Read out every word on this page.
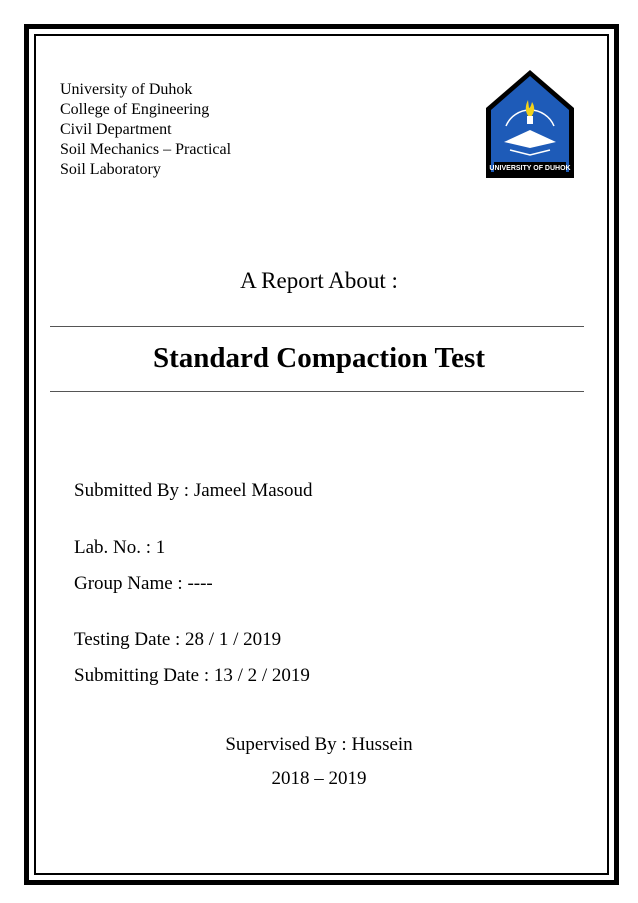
University of Duhok
College of Engineering
Civil Department
Soil Mechanics – Practical
Soil Laboratory	UNIVERSITY OF DUHOK
A Report About :
Standard Compaction Test
Submitted By : Jameel Masoud
Lab. No. : 1
Group Name : ----
Testing Date : 28 / 1 / 2019
Submitting Date : 13 / 2 / 2019
Supervised By : Hussein
2018 – 2019
